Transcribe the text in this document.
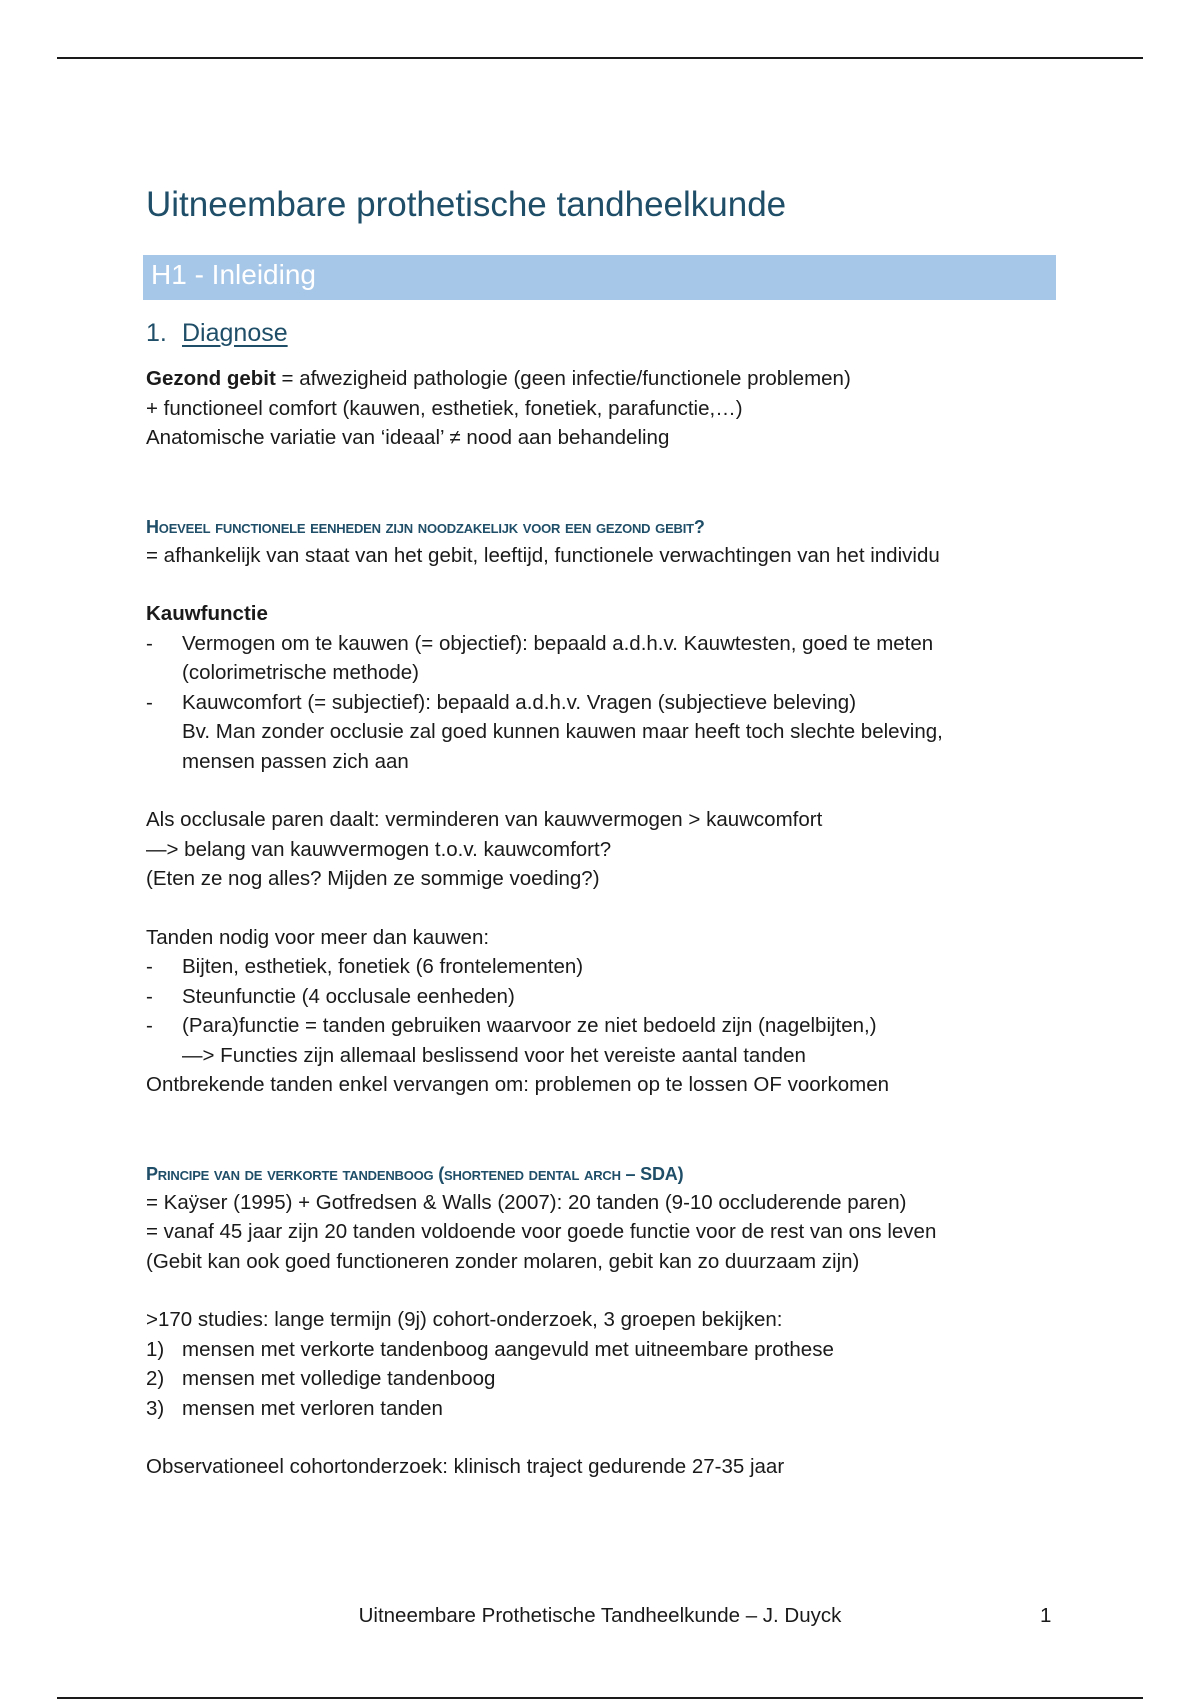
Uitneembare prothetische tandheelkunde
H1 - Inleiding
1. Diagnose
Gezond gebit = afwezigheid pathologie (geen infectie/functionele problemen)
+ functioneel comfort (kauwen, esthetiek, fonetiek, parafunctie,…)
Anatomische variatie van ‘ideaal’ ≠ nood aan behandeling
Hoeveel functionele eenheden zijn noodzakelijk voor een gezond gebit?
= afhankelijk van staat van het gebit, leeftijd, functionele verwachtingen van het individu
Kauwfunctie
-	Vermogen om te kauwen (= objectief): bepaald a.d.h.v. Kauwtesten, goed te meten
(colorimetrische methode)
-	Kauwcomfort (= subjectief): bepaald a.d.h.v. Vragen (subjectieve beleving)
Bv. Man zonder occlusie zal goed kunnen kauwen maar heeft toch slechte beleving,
mensen passen zich aan
Als occlusale paren daalt: verminderen van kauwvermogen > kauwcomfort
—> belang van kauwvermogen t.o.v. kauwcomfort?
(Eten ze nog alles? Mijden ze sommige voeding?)
Tanden nodig voor meer dan kauwen:
-	Bijten, esthetiek, fonetiek (6 frontelementen)
-	Steunfunctie (4 occlusale eenheden)
-	(Para)functie = tanden gebruiken waarvoor ze niet bedoeld zijn (nagelbijten,)
—> Functies zijn allemaal beslissend voor het vereiste aantal tanden
Ontbrekende tanden enkel vervangen om: problemen op te lossen OF voorkomen
Principe van de verkorte tandenboog (shortened dental arch – SDA)
= Kaÿser (1995) + Gotfredsen & Walls (2007): 20 tanden (9-10 occluderende paren)
= vanaf 45 jaar zijn 20 tanden voldoende voor goede functie voor de rest van ons leven
(Gebit kan ook goed functioneren zonder molaren, gebit kan zo duurzaam zijn)
>170 studies: lange termijn (9j) cohort-onderzoek, 3 groepen bekijken:
1) mensen met verkorte tandenboog aangevuld met uitneembare prothese
2) mensen met volledige tandenboog
3) mensen met verloren tanden
Observationeel cohortonderzoek: klinisch traject gedurende 27-35 jaar
Uitneembare Prothetische Tandheelkunde – J. Duyck	1
